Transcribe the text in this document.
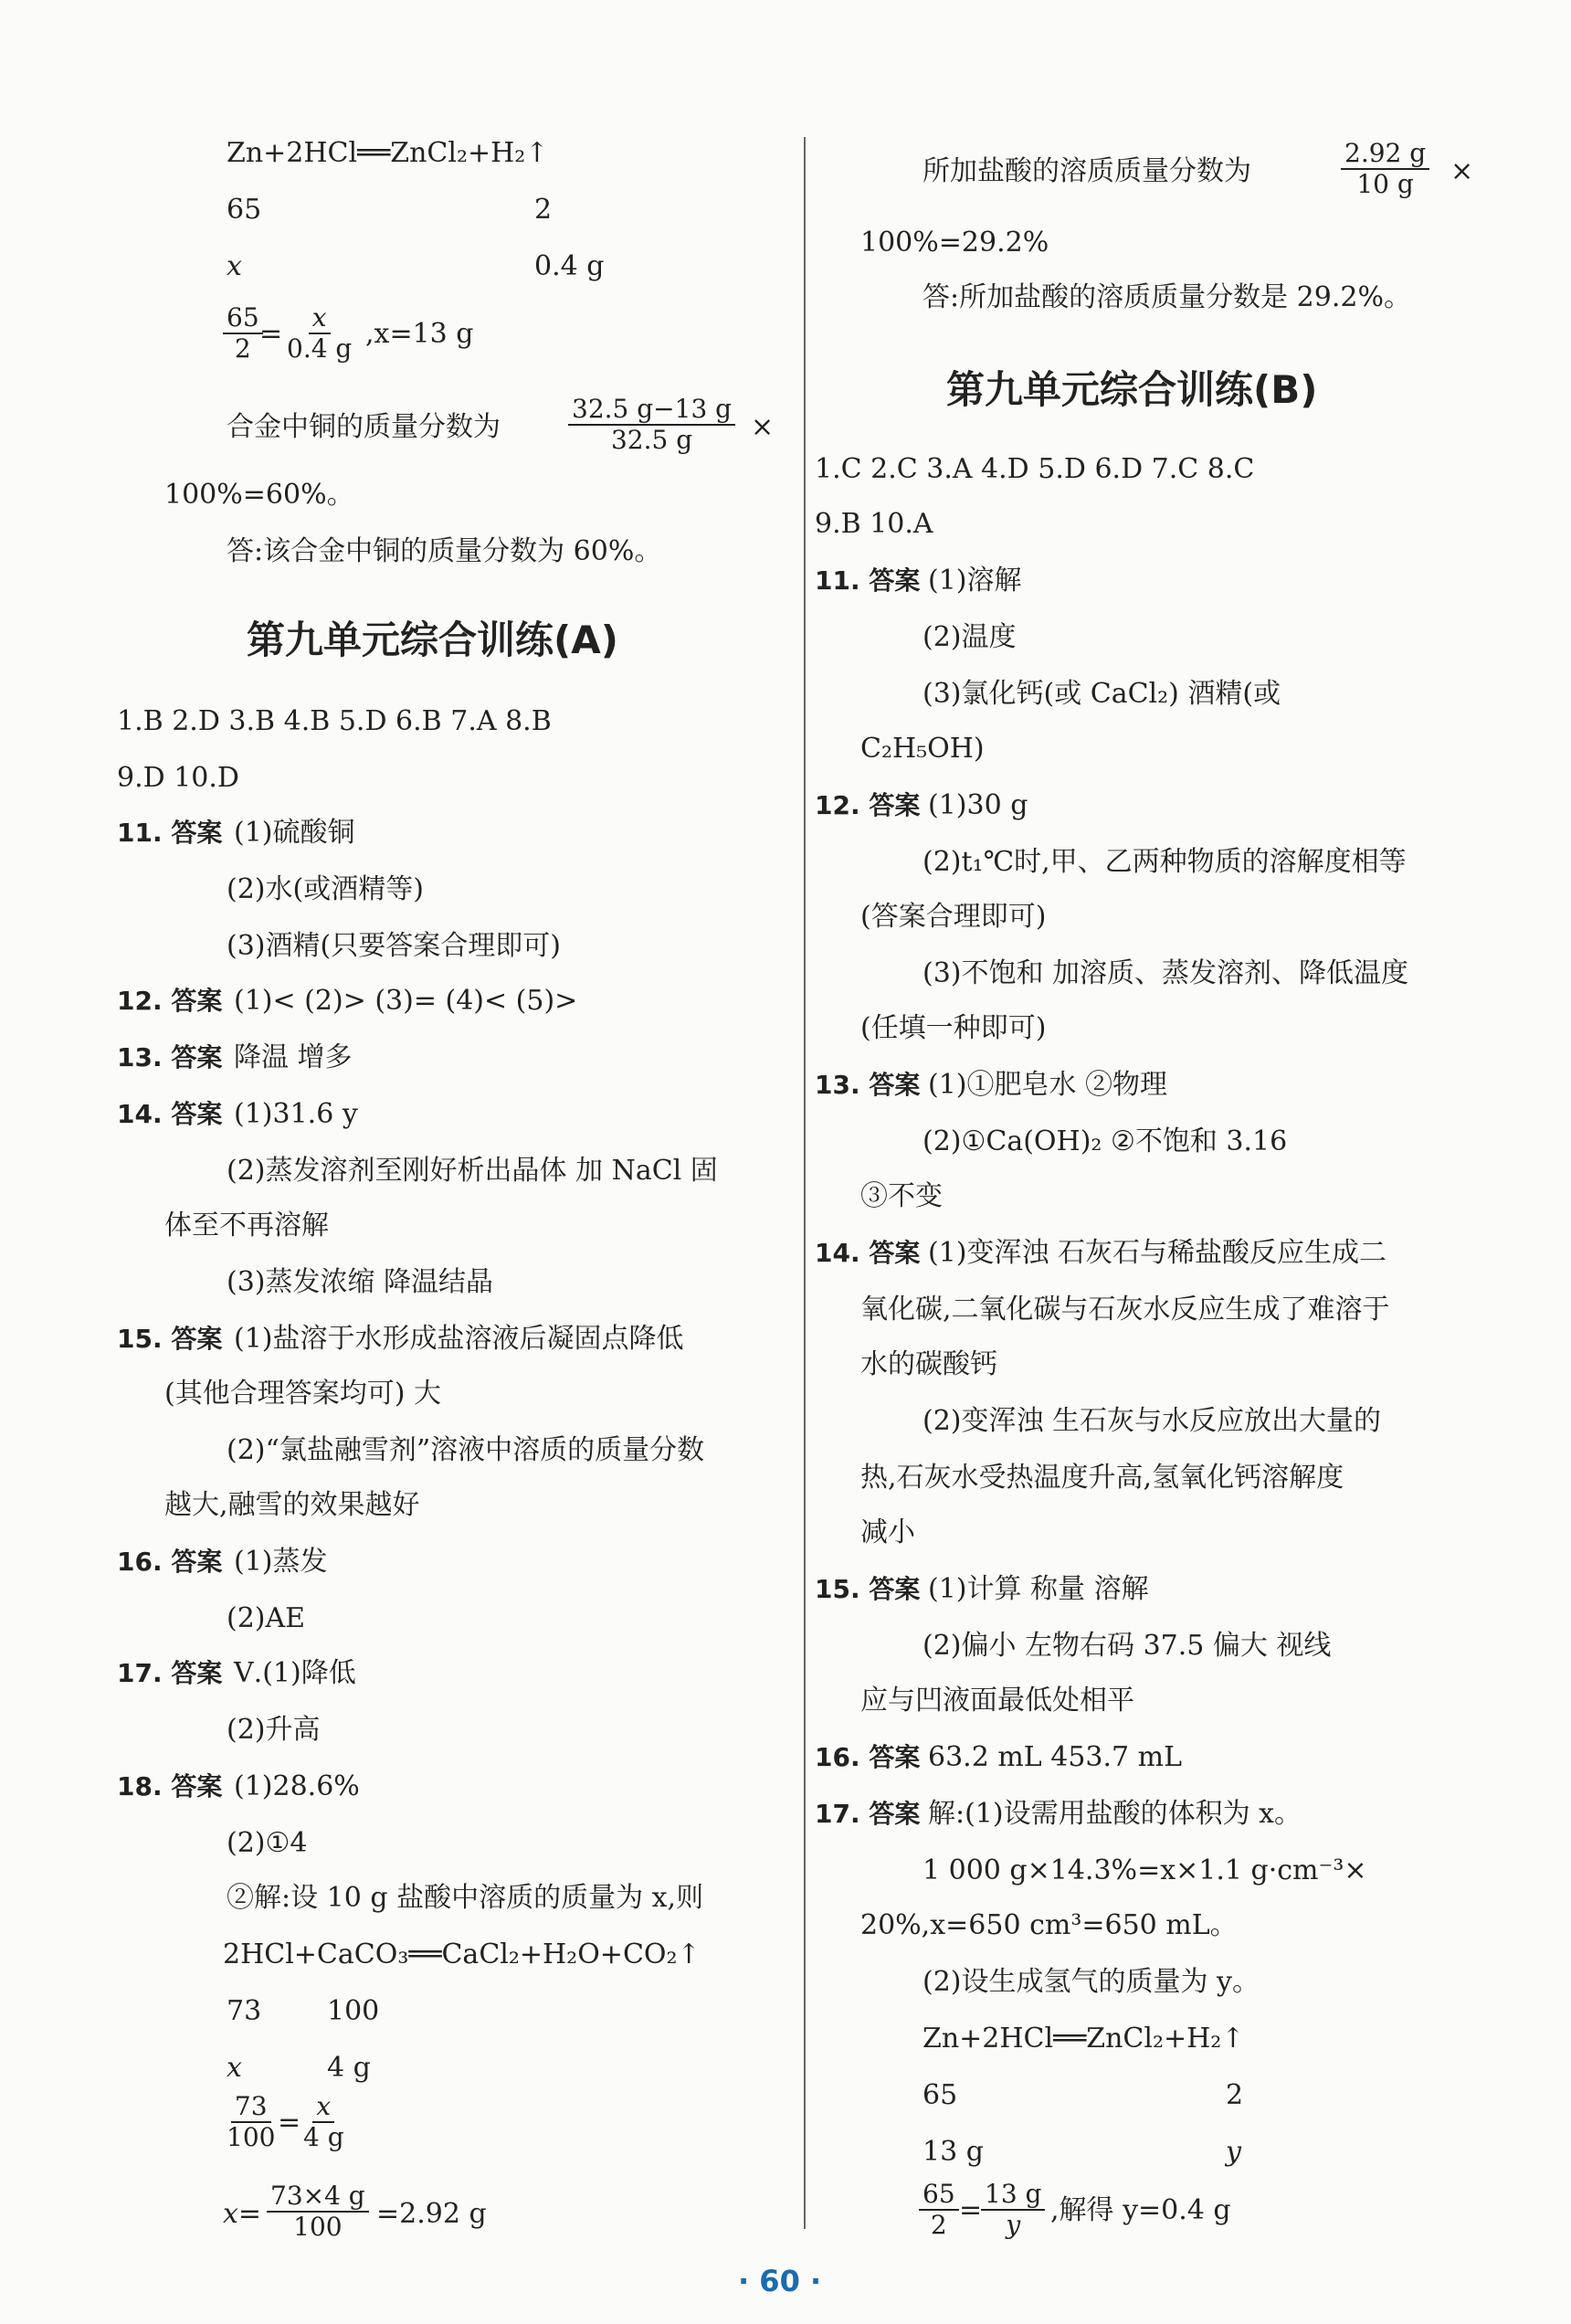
Zn+2HCl══ZnCl₂+H₂↑
65	2
x	0.4 g
$\frac{65}{2}$
= $\frac{x}{0.4 g} ,x=13$ g
合金中铜的质量分数为	$\frac{32.5 g-13 g}{32.5 g}$ ×
100%=60%。
答:该合金中铜的质量分数为 60%。
第九单元综合训练(A)
1.B 2.D 3.B 4.B 5.D 6.B 7.A 8.B
9.D 10.D
11. 答案 (1)硫酸铜
(2)水(或酒精等)
(3)酒精(只要答案合理即可)
12. 答案 (1)< (2)> (3)= (4)< (5)>
13. 答案 降温 增多
14. 答案 (1)31.6 y
(2)蒸发溶剂至刚好析出晶体 加 NaCl 固
体至不再溶解
(3)蒸发浓缩 降温结晶
15. 答案 (1)盐溶于水形成盐溶液后凝固点降低
(其他合理答案均可) 大
(2)“氯盐融雪剂”溶液中溶质的质量分数
越大,融雪的效果越好
16. 答案 (1)蒸发
(2)AE
17. 答案 Ⅴ.(1)降低
(2)升高
18. 答案 (1)28.6%
(2)①4
②解:设 10 g 盐酸中溶质的质量为 x,则
2HCl+CaCO₃══CaCl₂+H₂O+CO₂↑
73 100
x	4 g
$\frac{73}{100}$
=
$\frac{x}{4 g}$
$x= \frac{73\times 4 g}{100} =2.92$ g
所加盐酸的溶质质量分数为	$\frac{2.92 g}{10 g}$ ×
100%=29.2%
答:所加盐酸的溶质质量分数是 29.2%。
第九单元综合训练(B)
1.C 2.C 3.A 4.D 5.D 6.D 7.C 8.C
9.B 10.A
11. 答案 (1)溶解
(2)温度
(3)氯化钙(或 CaCl₂) 酒精(或
C₂H₅OH)
12. 答案 (1)30 g
(2)t₁℃时,甲、乙两种物质的溶解度相等
(答案合理即可)
(3)不饱和 加溶质、蒸发溶剂、降低温度
(任填一种即可)
13. 答案 (1)①肥皂水 ②物理
(2)①Ca(OH)₂ ②不饱和 3.16
③不变
14. 答案 (1)变浑浊 石灰石与稀盐酸反应生成二
氧化碳,二氧化碳与石灰水反应生成了难溶于
水的碳酸钙
(2)变浑浊 生石灰与水反应放出大量的
热,石灰水受热温度升高,氢氧化钙溶解度
减小
15. 答案 (1)计算 称量 溶解
(2)偏小 左物右码 37.5 偏大 视线
应与凹液面最低处相平
16. 答案 63.2 mL 453.7 mL
17. 答案 解:(1)设需用盐酸的体积为 x。
1 000 g×14.3%=x×1.1 g·cm⁻³×
20%,x=650 cm³=650 mL。
(2)设生成氢气的质量为 y。
Zn+2HCl══ZnCl₂+H₂↑
65	2
13 g	y
$\frac{65}{2}$ =
$\frac{13 g}{y}$ ,解得 y=0.4 g
· 60 ·
